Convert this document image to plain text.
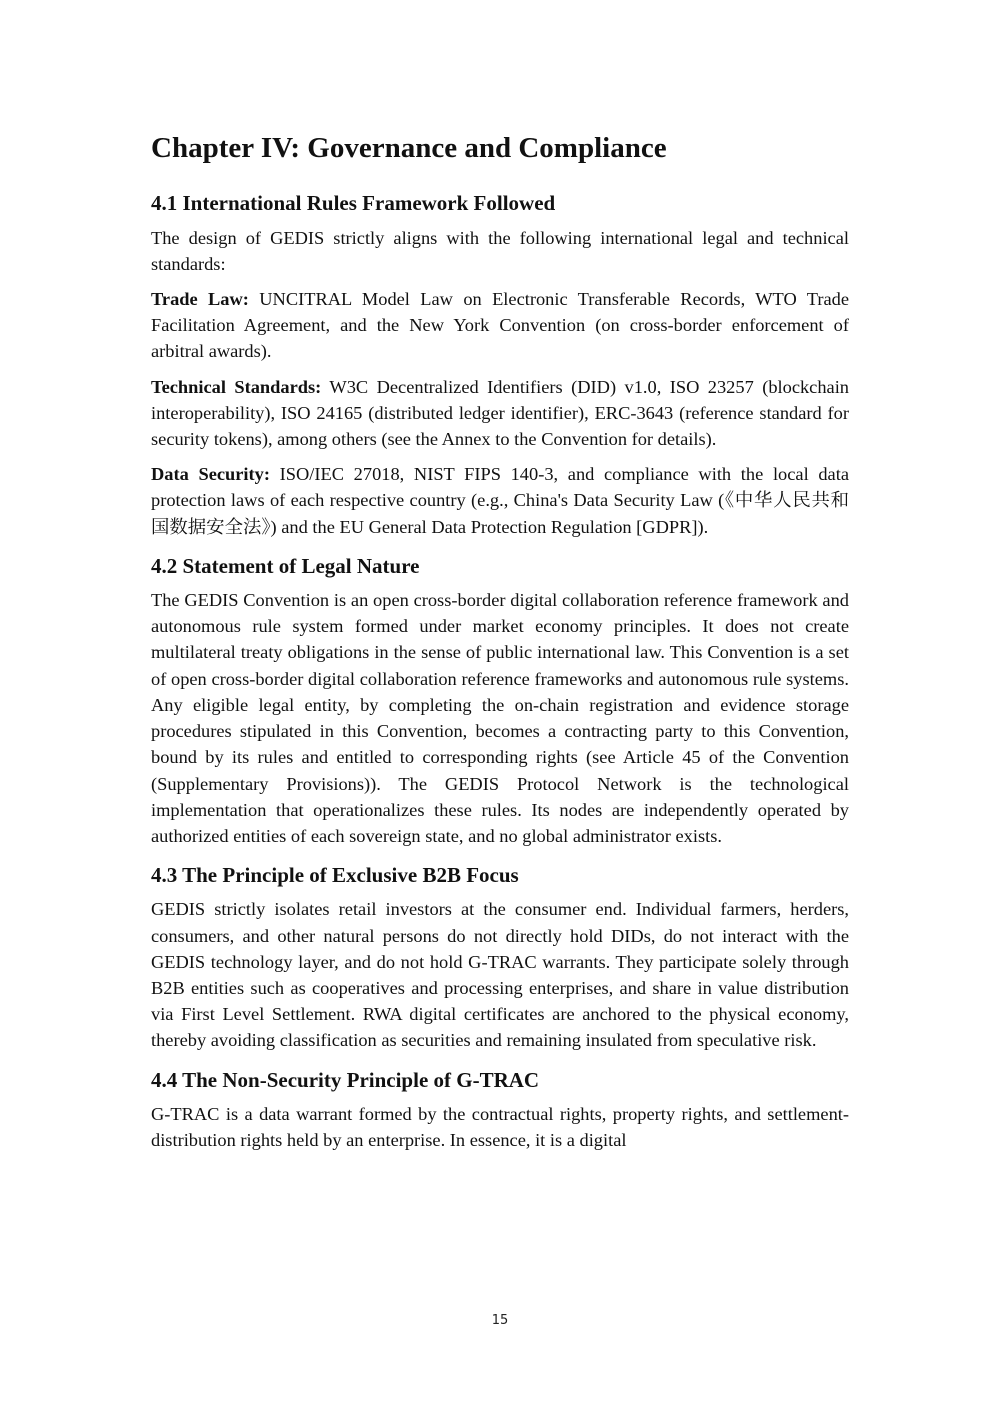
Chapter IV: Governance and Compliance
4.1 International Rules Framework Followed

The design of GEDIS strictly aligns with the following international legal and technical standards:

Trade Law: UNCITRAL Model Law on Electronic Transferable Records, WTO Trade Facilitation Agreement, and the New York Convention (on cross-border enforcement of arbitral awards).

Technical Standards: W3C Decentralized Identifiers (DID) v1.0, ISO 23257 (blockchain interoperability), ISO 24165 (distributed ledger identifier), ERC-3643 (reference standard for security tokens), among others (see the Annex to the Convention for details).

Data Security: ISO/IEC 27018, NIST FIPS 140-3, and compliance with the local data protection laws of each respective country (e.g., China's Data Security Law (《中华人民共和国数据安全法》) and the EU General Data Protection Regulation [GDPR]).

4.2 Statement of Legal Nature

The GEDIS Convention is an open cross-border digital collaboration reference framework and autonomous rule system formed under market economy principles. It does not create multilateral treaty obligations in the sense of public international law. This Convention is a set of open cross-border digital collaboration reference frameworks and autonomous rule systems. Any eligible legal entity, by completing the on-chain registration and evidence storage procedures stipulated in this Convention, becomes a contracting party to this Convention, bound by its rules and entitled to corresponding rights (see Article 45 of the Convention (Supplementary Provisions)). The GEDIS Protocol Network is the technological implementation that operationalizes these rules. Its nodes are independently operated by authorized entities of each sovereign state, and no global administrator exists.

4.3 The Principle of Exclusive B2B Focus

GEDIS strictly isolates retail investors at the consumer end. Individual farmers, herders, consumers, and other natural persons do not directly hold DIDs, do not interact with the GEDIS technology layer, and do not hold G-TRAC warrants. They participate solely through B2B entities such as cooperatives and processing enterprises, and share in value distribution via First Level Settlement. RWA digital certificates are anchored to the physical economy, thereby avoiding classification as securities and remaining insulated from speculative risk.

4.4 The Non-Security Principle of G-TRAC

G-TRAC is a data warrant formed by the contractual rights, property rights, and settlement-distribution rights held by an enterprise. In essence, it is a digital

15
